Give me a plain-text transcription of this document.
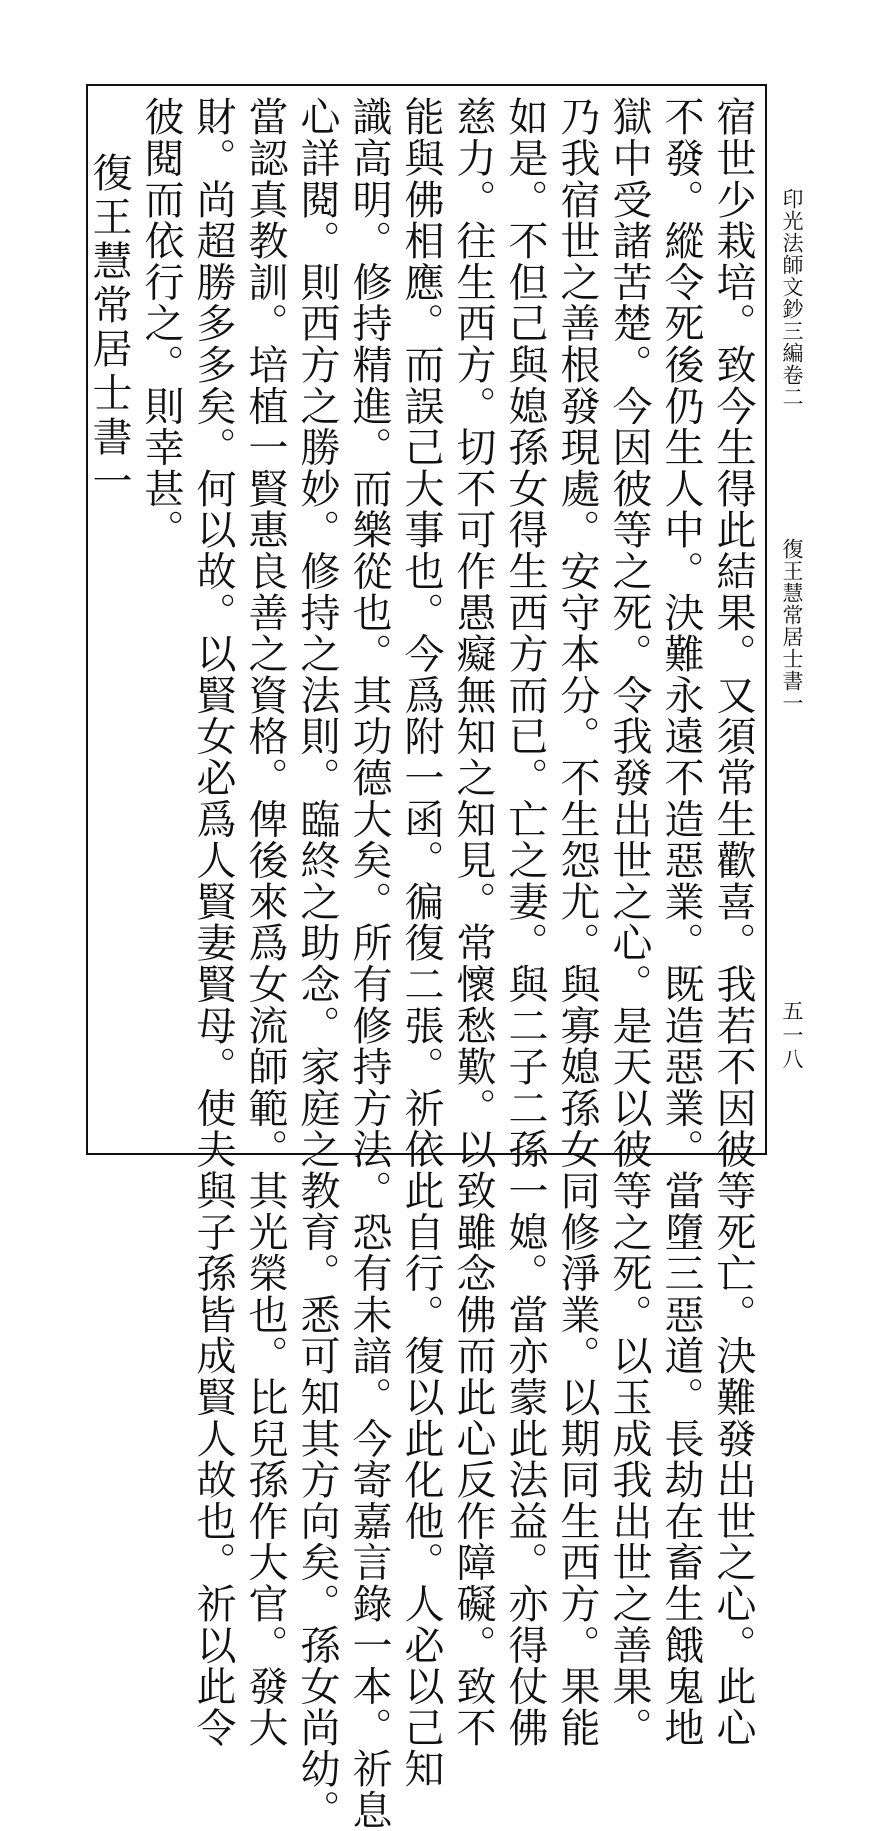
印光法師文鈔三編卷二
復王慧常居士書一
五一八
宿世少栽培。致今生得此結果。又須常生歡喜。我若不因彼等死亡。決難發出世之心。此心
不發。縱令死後仍生人中。決難永遠不造惡業。既造惡業。當墮三惡道。長劫在畜生餓鬼地
獄中受諸苦楚。今因彼等之死。令我發出世之心。是天以彼等之死。以玉成我出世之善果。
乃我宿世之善根發現處。安守本分。不生怨尤。與寡媳孫女同修淨業。以期同生西方。果能
如是。不但己與媳孫女得生西方而已。亡之妻。與二子二孫一媳。當亦蒙此法益。亦得仗佛
慈力。往生西方。切不可作愚癡無知之知見。常懷愁歎。以致雖念佛而此心反作障礙。致不
能與佛相應。而誤己大事也。今爲附一函。徧復二張。祈依此自行。復以此化他。人必以己知
識高明。修持精進。而樂從也。其功德大矣。所有修持方法。恐有未諳。今寄嘉言錄一本。祈息
心詳閱。則西方之勝妙。修持之法則。臨終之助念。家庭之教育。悉可知其方向矣。孫女尚幼。
當認真教訓。培植一賢惠良善之資格。俾後來爲女流師範。其光榮也。比兒孫作大官。發大
財。尚超勝多多矣。何以故。以賢女必爲人賢妻賢母。使夫與子孫皆成賢人故也。祈以此令
彼閱而依行之。則幸甚。
復王慧常居士書一
